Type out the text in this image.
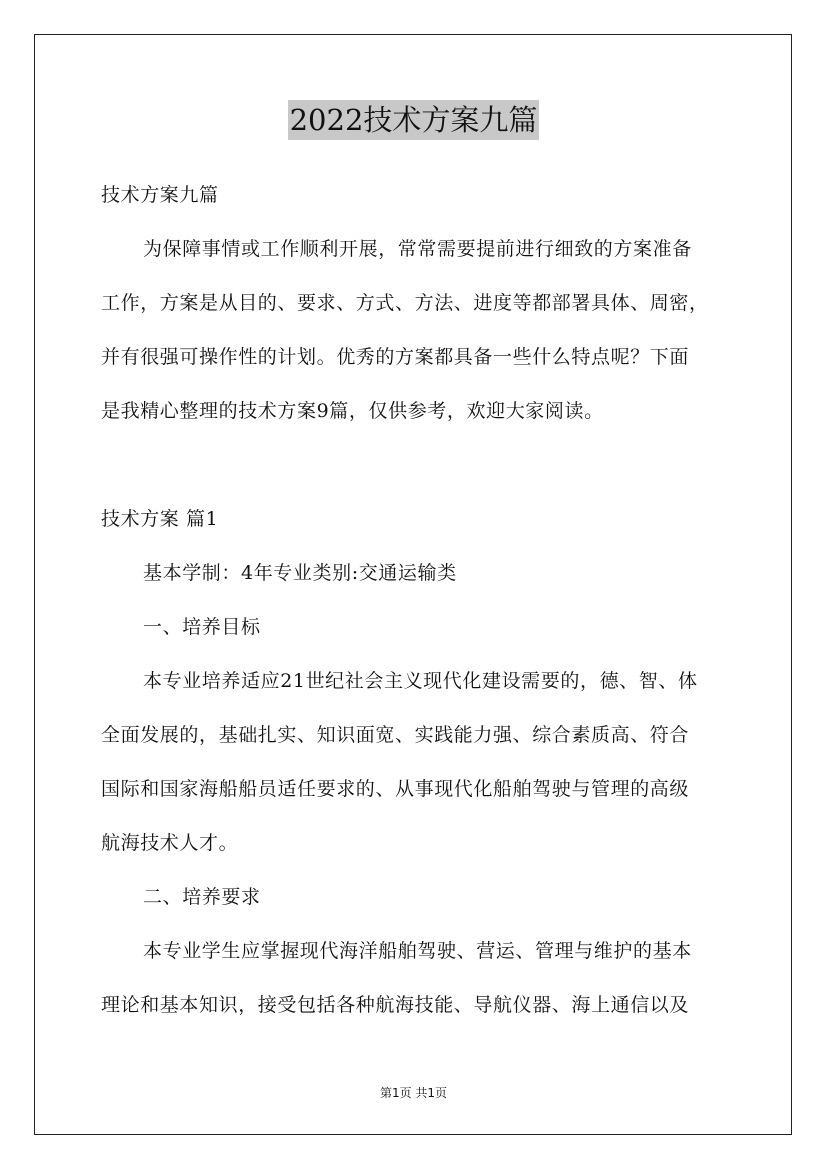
2022技术方案九篇
技术方案九篇
为保障事情或工作顺利开展，常常需要提前进行细致的方案准备
工作，方案是从目的、要求、方式、方法、进度等都部署具体、周密，
并有很强可操作性的计划。优秀的方案都具备一些什么特点呢？下面
是我精心整理的技术方案9篇，仅供参考，欢迎大家阅读。
技术方案 篇1
基本学制：4年专业类别:交通运输类
一、培养目标
本专业培养适应21世纪社会主义现代化建设需要的，德、智、体
全面发展的，基础扎实、知识面宽、实践能力强、综合素质高、符合
国际和国家海船船员适任要求的、从事现代化船舶驾驶与管理的高级
航海技术人才。
二、培养要求
本专业学生应掌握现代海洋船舶驾驶、营运、管理与维护的基本
理论和基本知识，接受包括各种航海技能、导航仪器、海上通信以及
第1页 共1页
